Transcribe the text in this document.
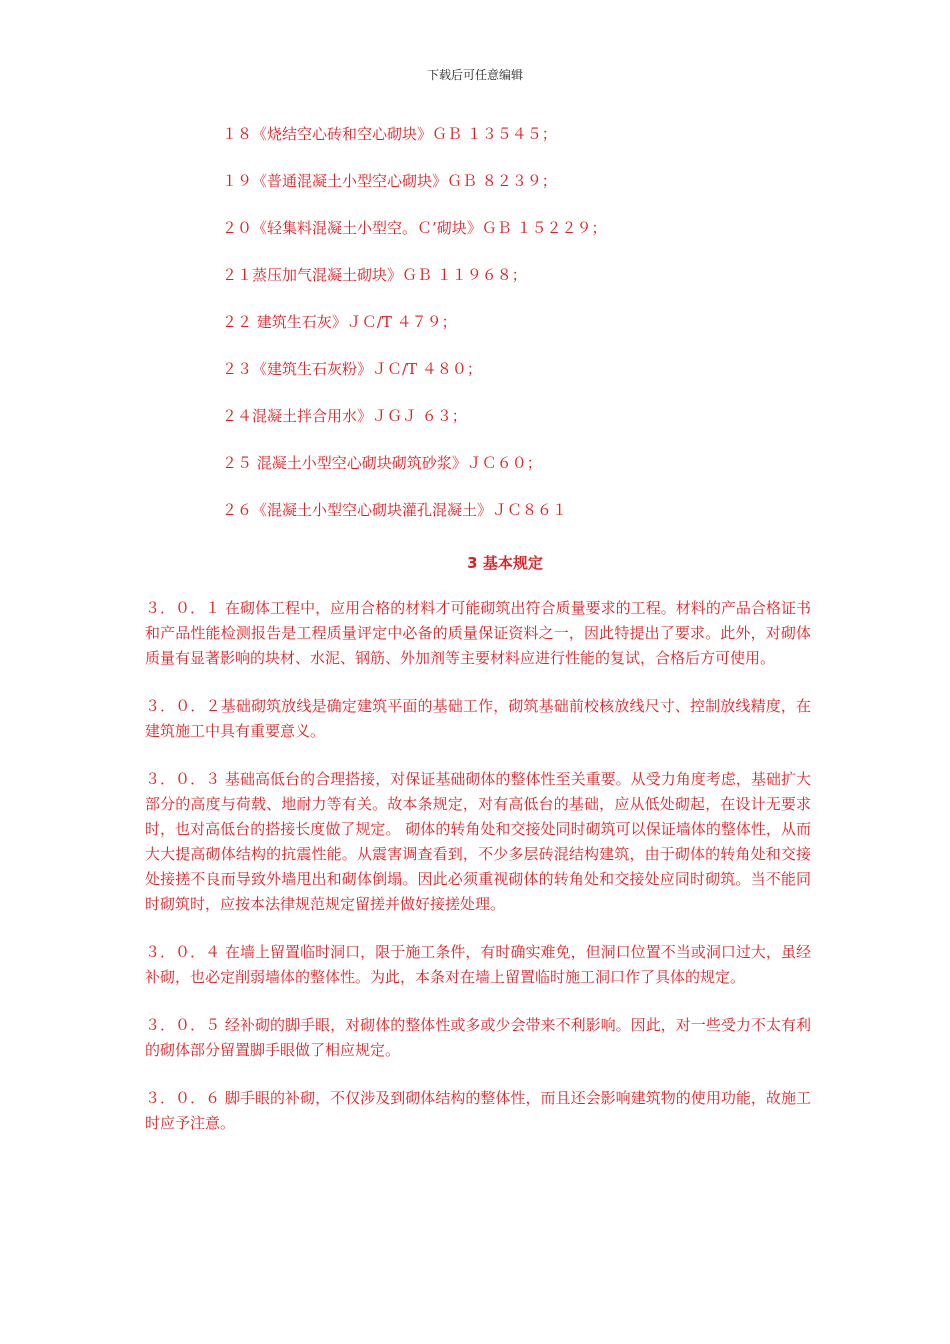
下载后可任意编辑
１８《烧结空心砖和空心砌块》ＧＢ １３５４５；
１９《普通混凝土小型空心砌块》ＧＢ ８２３９；
２０《轻集料混凝土小型空。Ｃ’砌块》ＧＢ １５２２９；
２１蒸压加气混凝土砌块》ＧＢ １１９６８；
２２ 建筑生石灰》ＪＣ/T ４７９；
２３《建筑生石灰粉》ＪＣ/T ４８０；
２４混凝土拌合用水》ＪＧＪ ６３；
２５ 混凝土小型空心砌块砌筑砂浆》ＪＣ６０；
２６《混凝土小型空心砌块灌孔混凝土》ＪＣ８６１
3 基本规定

３．０．１ 在砌体工程中，应用合格的材料才可能砌筑出符合质量要求的工程。材料的产品合格证书和产品性能检测报告是工程质量评定中必备的质量保证资料之一，因此特提出了要求。此外，对砌体质量有显著影响的块材、水泥、钢筋、外加剂等主要材料应进行性能的复试，合格后方可使用。

３．０．２基础砌筑放线是确定建筑平面的基础工作，砌筑基础前校核放线尺寸、控制放线精度，在建筑施工中具有重要意义。

３．０．３ 基础高低台的合理搭接，对保证基础砌体的整体性至关重要。从受力角度考虑，基础扩大部分的高度与荷载、地耐力等有关。故本条规定，对有高低台的基础，应从低处砌起，在设计无要求时，也对高低台的搭接长度做了规定。 砌体的转角处和交接处同时砌筑可以保证墙体的整体性，从而大大提高砌体结构的抗震性能。从震害调查看到，不少多层砖混结构建筑，由于砌体的转角处和交接处接搓不良而导致外墙甩出和砌体倒塌。因此必须重视砌体的转角处和交接处应同时砌筑。当不能同时砌筑时，应按本法律规范规定留搓并做好接搓处理。

３．０．４ 在墙上留置临时洞口，限于施工条件，有时确实难免，但洞口位置不当或洞口过大，虽经补砌，也必定削弱墙体的整体性。为此，本条对在墙上留置临时施工洞口作了具体的规定。

３．０．５ 经补砌的脚手眼，对砌体的整体性或多或少会带来不利影响。因此，对一些受力不太有利的砌体部分留置脚手眼做了相应规定。

３．０．６ 脚手眼的补砌，不仅涉及到砌体结构的整体性，而且还会影响建筑物的使用功能，故施工时应予注意。
